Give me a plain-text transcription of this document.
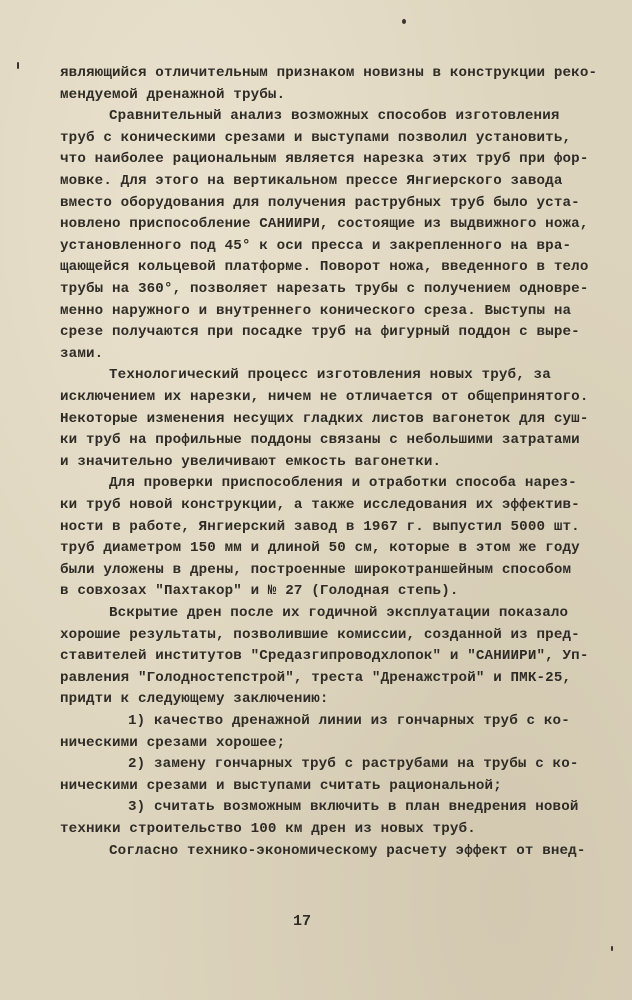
являющийся отличительным признаком новизны в конструкции реко-
мендуемой дренажной трубы.
Сравнительный анализ возможных способов изготовления
труб с коническими срезами и выступами позволил установить,
что наиболее рациональным является нарезка этих труб при фор-
мовке. Для этого на вертикальном прессе Янгиерского завода
вместо оборудования для получения раструбных труб было уста-
новлено приспособление САНИИРИ, состоящие из выдвижного ножа,
установленного под 45° к оси пресса и закрепленного на вра-
щающейся кольцевой платформе. Поворот ножа, введенного в тело
трубы на 360°, позволяет нарезать трубы с получением одновре-
менно наружного и внутреннего конического среза. Выступы на
срезе получаются при посадке труб на фигурный поддон с выре-
зами.
Технологический процесс изготовления новых труб, за
исключением их нарезки, ничем не отличается от общепринятого.
Некоторые изменения несущих гладких листов вагонеток для суш-
ки труб на профильные поддоны связаны с небольшими затратами
и значительно увеличивают емкость вагонетки.
Для проверки приспособления и отработки способа нарез-
ки труб новой конструкции, а также исследования их эффектив-
ности в работе, Янгиерский завод в 1967 г. выпустил 5000 шт.
труб диаметром 150 мм и длиной 50 см, которые в этом же году
были уложены в дрены, построенные широкотраншейным способом
в совхозах "Пахтакор" и № 27 (Голодная степь).
Вскрытие дрен после их годичной эксплуатации показало
хорошие результаты, позволившие комиссии, созданной из пред-
ставителей институтов "Средазгипроводхлопок" и "САНИИРИ", Уп-
равления "Голодностепстрой", треста "Дренажстрой" и ПМК-25,
придти к следующему заключению:
1) качество дренажной линии из гончарных труб с ко-
ническими срезами хорошее;
2) замену гончарных труб с раструбами на трубы с ко-
ническими срезами и выступами считать рациональной;
3) считать возможным включить в план внедрения новой
техники строительство 100 км дрен из новых труб.
Согласно технико-экономическому расчету эффект от внед-
17
